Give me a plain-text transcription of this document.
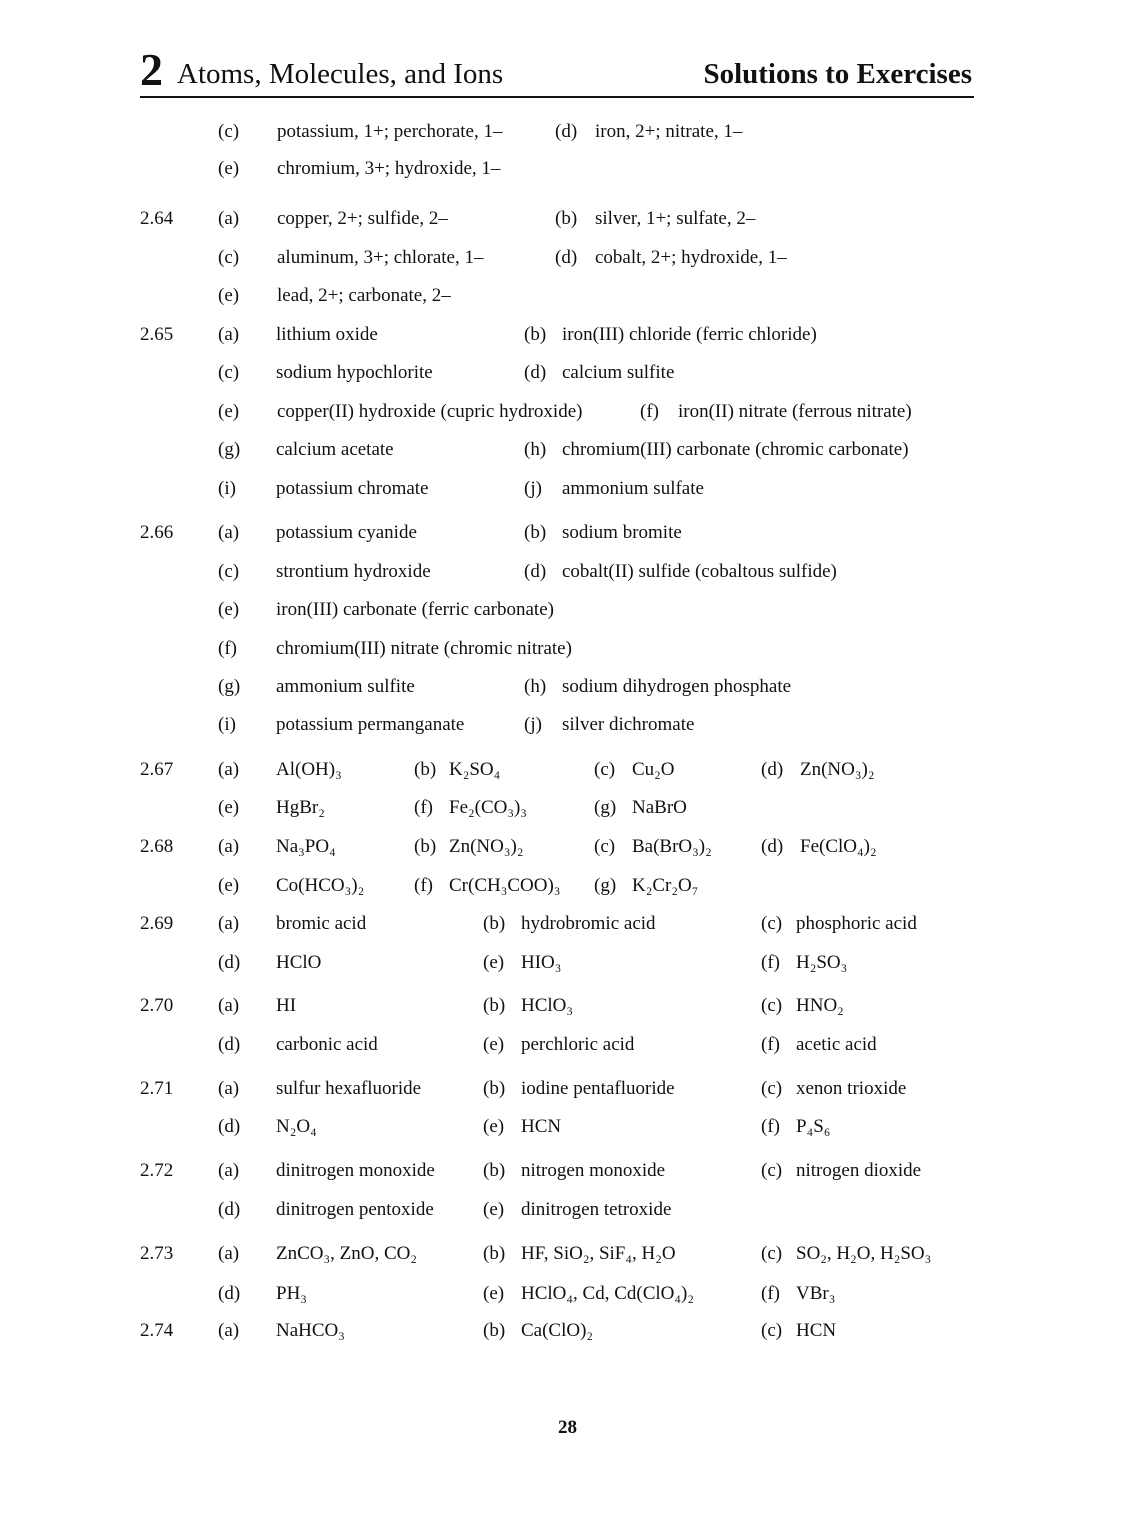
2 Atoms, Molecules, and Ions	Solutions to Exercises
(c) potassium, 1+; perchorate, 1–	(d) iron, 2+; nitrate, 1–
(e) chromium, 3+; hydroxide, 1–
2.64 (a) copper, 2+; sulfide, 2–	(b) silver, 1+; sulfate, 2–
(c) aluminum, 3+; chlorate, 1–	(d) cobalt, 2+; hydroxide, 1–
(e) lead, 2+; carbonate, 2–
2.65 (a) lithium oxide	(b) iron(III) chloride (ferric chloride)
(c) sodium hypochlorite	(d) calcium sulfite
(e) copper(II) hydroxide (cupric hydroxide)	(f) iron(II) nitrate (ferrous nitrate)
(g) calcium acetate	(h) chromium(III) carbonate (chromic carbonate)
(i) potassium chromate	(j) ammonium sulfate
2.66 (a) potassium cyanide	(b) sodium bromite
(c) strontium hydroxide	(d) cobalt(II) sulfide (cobaltous sulfide)
(e) iron(III) carbonate (ferric carbonate)
(f) chromium(III) nitrate (chromic nitrate)
(g) ammonium sulfite	(h) sodium dihydrogen phosphate
(i) potassium permanganate	(j) silver dichromate
2.67 (a) Al(OH)₃	(b) K₂SO₄	(c) Cu₂O	(d) Zn(NO₃)₂
(e) HgBr₂	(f) Fe₂(CO₃)₃	(g) NaBrO
2.68 (a) Na₃PO₄	(b) Zn(NO₃)₂	(c) Ba(BrO₃)₂	(d) Fe(ClO₄)₂
(e) Co(HCO₃)₂	(f) Cr(CH₃COO)₃ (g) K₂Cr₂O₇
2.69 (a) bromic acid	(b) hydrobromic acid	(c) phosphoric acid
(d) HClO	(e) HIO₃	(f) H₂SO₃
2.70 (a) HI	(b) HClO₃	(c) HNO₂
(d) carbonic acid	(e) perchloric acid	(f) acetic acid
2.71 (a) sulfur hexafluoride	(b) iodine pentafluoride	(c) xenon trioxide
(d) N₂O₄	(e) HCN	(f) P₄S₆
2.72 (a) dinitrogen monoxide	(b) nitrogen monoxide	(c) nitrogen dioxide
(d) dinitrogen pentoxide	(e) dinitrogen tetroxide
2.73 (a) ZnCO₃, ZnO, CO₂	(b) HF, SiO₂, SiF₄, H₂O	(c) SO₂, H₂O, H₂SO₃
(d) PH₃	(e) HClO₄, Cd, Cd(ClO₄)₂	(f) VBr₃
2.74 (a) NaHCO₃	(b) Ca(ClO)₂	(c) HCN
28
